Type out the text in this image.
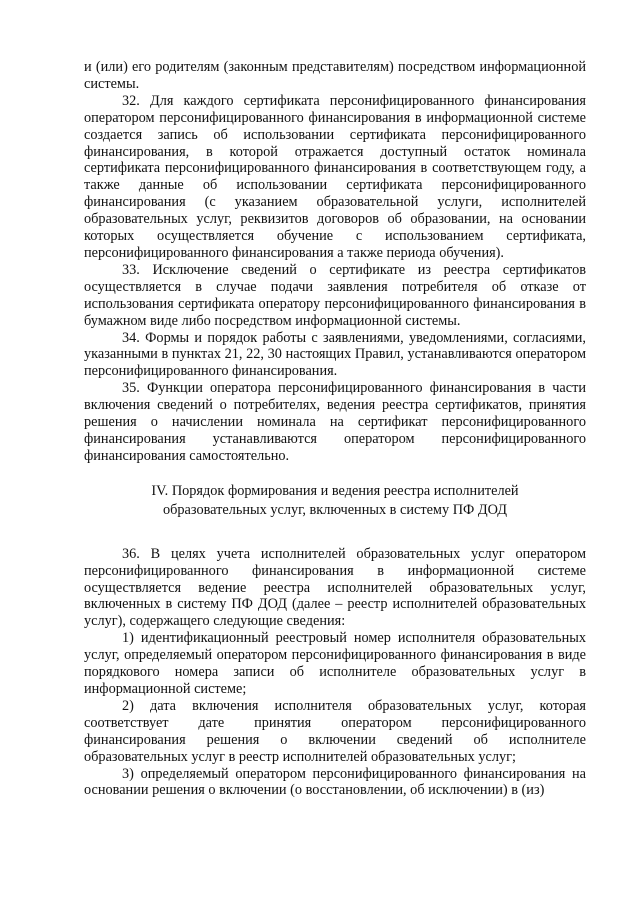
и (или) его родителям (законным представителям) посредством информационной системы.

32. Для каждого сертификата персонифицированного финансирования оператором персонифицированного финансирования в информационной системе создается запись об использовании сертификата персонифицированного финансирования, в которой отражается доступный остаток номинала сертификата персонифицированного финансирования в соответствующем году, а также данные об использовании сертификата персонифицированного финансирования (с указанием образовательной услуги, исполнителей образовательных услуг, реквизитов договоров об образовании, на основании которых осуществляется обучение с использованием сертификата, персонифицированного финансирования а также периода обучения).

33. Исключение сведений о сертификате из реестра сертификатов осуществляется в случае подачи заявления потребителя об отказе от использования сертификата оператору персонифицированного финансирования в бумажном виде либо посредством информационной системы.

34. Формы и порядок работы с заявлениями, уведомлениями, согласиями, указанными в пунктах 21, 22, 30 настоящих Правил, устанавливаются оператором персонифицированного финансирования.

35. Функции оператора персонифицированного финансирования в части включения сведений о потребителях, ведения реестра сертификатов, принятия решения о начислении номинала на сертификат персонифицированного финансирования устанавливаются оператором персонифицированного финансирования самостоятельно.

IV. Порядок формирования и ведения реестра исполнителей

образовательных услуг, включенных в систему ПФ ДОД

36. В целях учета исполнителей образовательных услуг оператором персонифицированного финансирования в информационной системе осуществляется ведение реестра исполнителей образовательных услуг, включенных в систему ПФ ДОД (далее – реестр исполнителей образовательных услуг), содержащего следующие сведения:

1) идентификационный реестровый номер исполнителя образовательных услуг, определяемый оператором персонифицированного финансирования в виде порядкового номера записи об исполнителе образовательных услуг в информационной системе;

2) дата включения исполнителя образовательных услуг, которая соответствует дате принятия оператором персонифицированного финансирования решения о включении сведений об исполнителе образовательных услуг в реестр исполнителей образовательных услуг;

3) определяемый оператором персонифицированного финансирования на основании решения о включении (о восстановлении, об исключении) в (из)
